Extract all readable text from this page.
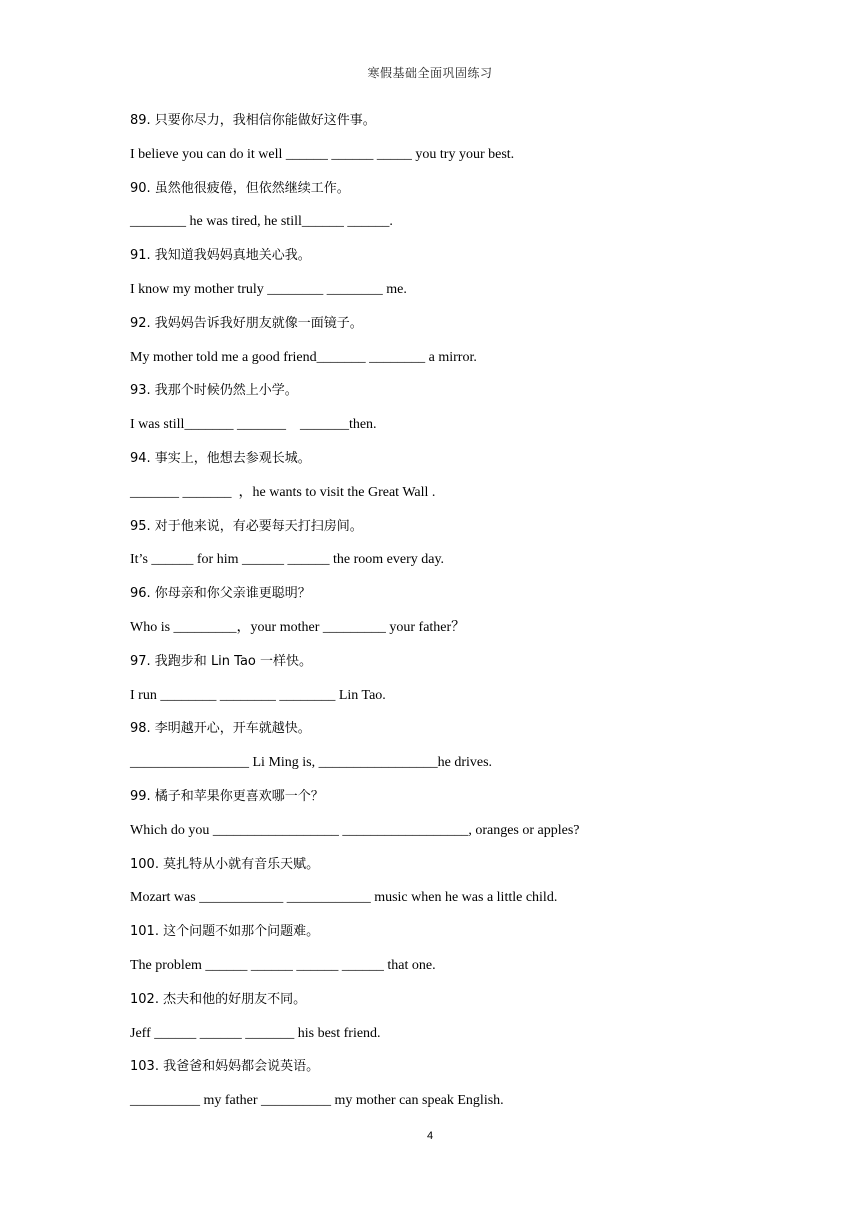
寒假基础全面巩固练习
89. 只要你尽力，我相信你能做好这件事。
I believe you can do it well ______ ______ _____ you try your best.
90. 虽然他很疲倦，但依然继续工作。
________ he was tired, he still______ ______.
91. 我知道我妈妈真地关心我。
I know my mother truly ________ ________ me.
92. 我妈妈告诉我好朋友就像一面镜子。
My mother told me a good friend_______ ________ a mirror.
93. 我那个时候仍然上小学。
I was still_______ _______    _______then.
94. 事实上，他想去参观长城。
_______ _______  ，he wants to visit the Great Wall .
95. 对于他来说，有必要每天打扫房间。
It’s ______ for him ______ ______ the room every day.
96. 你母亲和你父亲谁更聪明？
Who is _________，your mother _________ your father？
97. 我跑步和 Lin Tao 一样快。
I run ________ ________ ________ Lin Tao.
98. 李明越开心，开车就越快。
_________________ Li Ming is, _________________he drives.
99. 橘子和苹果你更喜欢哪一个？
Which do you __________________ __________________, oranges or apples?
100. 莫扎特从小就有音乐天赋。
Mozart was ____________ ____________ music when he was a little child.
101. 这个问题不如那个问题难。
The problem ______ ______ ______ ______ that one.
102. 杰夫和他的好朋友不同。
Jeff ______ ______ _______ his best friend.
103. 我爸爸和妈妈都会说英语。
__________ my father __________ my mother can speak English.
4
